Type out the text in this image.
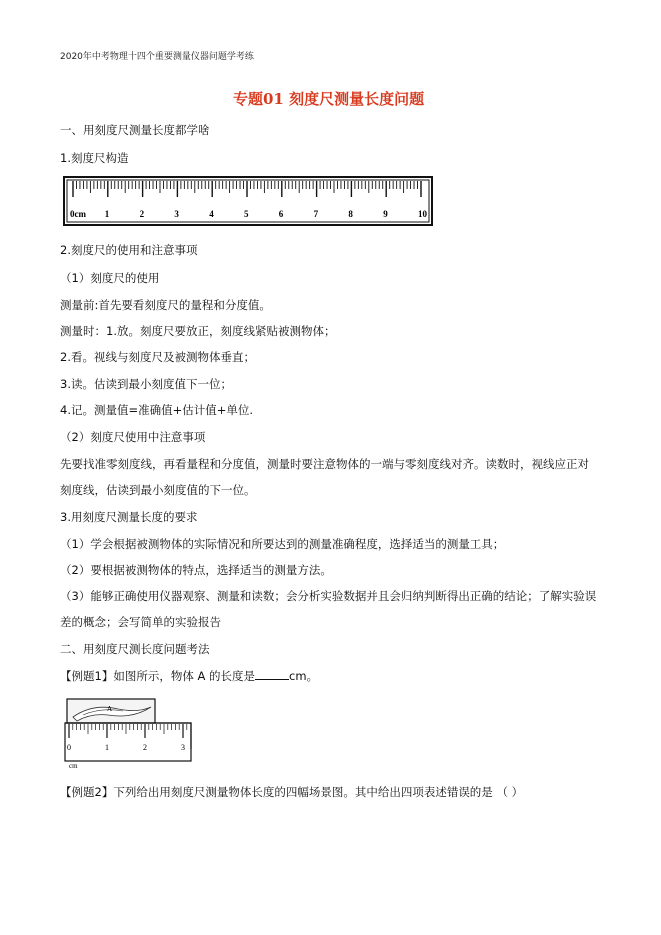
2020年中考物理十四个重要测量仪器问题学考练
专题01 刻度尺测量长度问题
一、用刻度尺测量长度都学啥
1.刻度尺构造
0cm 1	2	3	4	5	6	7	8	9	10
2.刻度尺的使用和注意事项
（1）刻度尺的使用
测量前:首先要看刻度尺的量程和分度值。
测量时：1.放。刻度尺要放正，刻度线紧贴被测物体；
2.看。视线与刻度尺及被测物体垂直；
3.读。估读到最小刻度值下一位；
4.记。测量值=准确值+估计值+单位.
（2）刻度尺使用中注意事项
先要找准零刻度线，再看量程和分度值，测量时要注意物体的一端与零刻度线对齐。读数时，视线应正对
刻度线，估读到最小刻度值的下一位。
3.用刻度尺测量长度的要求
（1）学会根据被测物体的实际情况和所要达到的测量准确程度，选择适当的测量工具；
（2）要根据被测物体的特点，选择适当的测量方法。
（3）能够正确使用仪器观察、测量和读数；会分析实验数据并且会归纳判断得出正确的结论；了解实验误
差的概念；会写简单的实验报告
二、用刻度尺测长度问题考法
【例题1】如图所示，物体 A 的长度是	cm。
A
0	1	2	3
cm
【例题2】下列给出用刻度尺测量物体长度的四幅场景图。其中给出四项表述错误的是 （ ）
